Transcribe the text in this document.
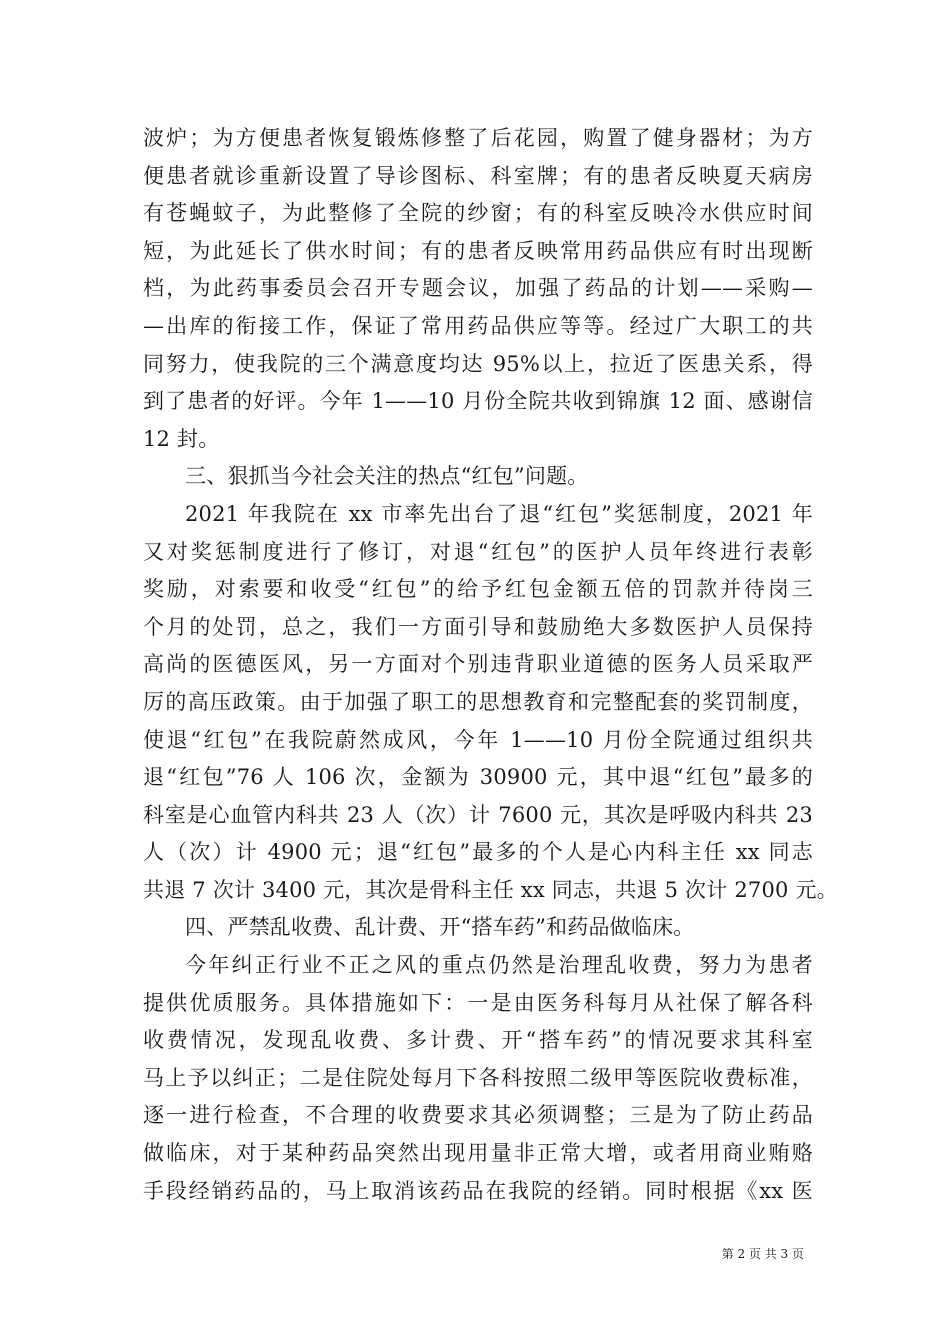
波炉；为方便患者恢复锻炼修整了后花园，购置了健身器材；为方
便患者就诊重新设置了导诊图标、科室牌；有的患者反映夏天病房
有苍蝇蚊子，为此整修了全院的纱窗；有的科室反映冷水供应时间
短，为此延长了供水时间；有的患者反映常用药品供应有时出现断
档，为此药事委员会召开专题会议，加强了药品的计划——采购—
—出库的衔接工作，保证了常用药品供应等等。经过广大职工的共
同努力，使我院的三个满意度均达 95%以上，拉近了医患关系，得
到了患者的好评。今年 1——10 月份全院共收到锦旗 12 面、感谢信
12 封。
三、狠抓当今社会关注的热点“红包”问题。
2021 年我院在 xx 市率先出台了退“红包”奖惩制度，2021 年
又对奖惩制度进行了修订，对退“红包”的医护人员年终进行表彰
奖励，对索要和收受“红包”的给予红包金额五倍的罚款并待岗三
个月的处罚，总之，我们一方面引导和鼓励绝大多数医护人员保持
高尚的医德医风，另一方面对个别违背职业道德的医务人员采取严
厉的高压政策。由于加强了职工的思想教育和完整配套的奖罚制度，
使退“红包”在我院蔚然成风，今年 1——10 月份全院通过组织共
退“红包”76 人 106 次，金额为 30900 元，其中退“红包”最多的
科室是心血管内科共 23 人（次）计 7600 元，其次是呼吸内科共 23
人（次）计 4900 元；退“红包”最多的个人是心内科主任 xx 同志
共退 7 次计 3400 元，其次是骨科主任 xx 同志，共退 5 次计 2700 元。
四、严禁乱收费、乱计费、开“搭车药”和药品做临床。
今年纠正行业不正之风的重点仍然是治理乱收费，努力为患者
提供优质服务。具体措施如下：一是由医务科每月从社保了解各科
收费情况，发现乱收费、多计费、开“搭车药”的情况要求其科室
马上予以纠正；二是住院处每月下各科按照二级甲等医院收费标准，
逐一进行检查，不合理的收费要求其必须调整；三是为了防止药品
做临床，对于某种药品突然出现用量非正常大增，或者用商业贿赂
手段经销药品的，马上取消该药品在我院的经销。同时根据《xx 医
第 2 页 共 3 页
